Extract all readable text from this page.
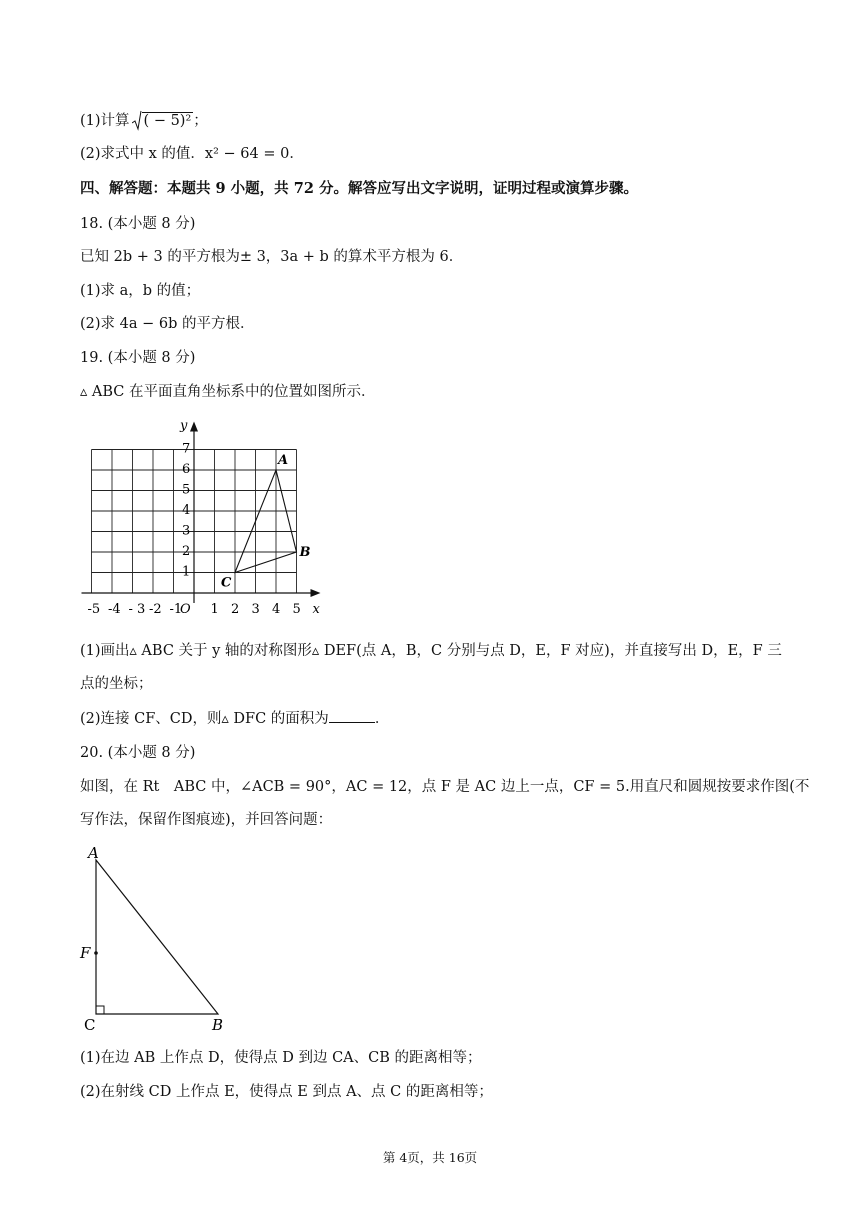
(1)计算 ( − 5)² ；
(2)求式中 x 的值．x² − 64 = 0．
四、解答题：本题共 9 小题，共 72 分。解答应写出文字说明，证明过程或演算步骤。
18. (本小题 8 分)
已知 2b + 3 的平方根为± 3，3a + b 的算术平方根为 6．
(1)求 a，b 的值；
(2)求 4a − 6b 的平方根．
19. (本小题 8 分)
▵ ABC 在平面直角坐标系中的位置如图所示．
x
y
-5 -4 - 3 -2 -1
O 1 2 3 4 5
1
2
3
4
5
6
7
A
B
C
(1)画出▵ ABC 关于 y 轴的对称图形▵ DEF(点 A，B，C 分别与点 D，E，F 对应)，并直接写出 D，E，F 三
点的坐标；
(2)连接 CF、CD，则▵ DFC 的面积为	．
20. (本小题 8 分)
如图，在 Rt　ABC 中，∠ACB = 90°，AC = 12，点 F 是 AC 边上一点，CF = 5.用直尺和圆规按要求作图(不
写作法，保留作图痕迹)，并回答问题：
A
F
C	B
(1)在边 AB 上作点 D，使得点 D 到边 CA、CB 的距离相等；
(2)在射线 CD 上作点 E，使得点 E 到点 A、点 C 的距离相等；
第 4页，共 16页
